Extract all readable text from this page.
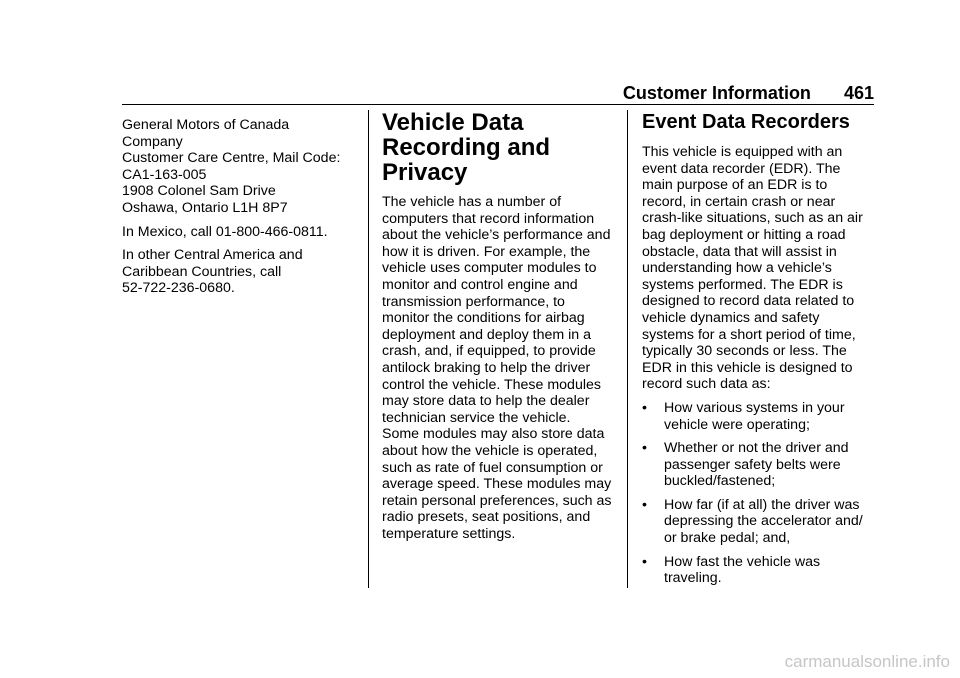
Customer Information 461

General Motors of Canada
Company
Customer Care Centre, Mail Code:
CA1-163-005
1908 Colonel Sam Drive
Oshawa, Ontario L1H 8P7

In Mexico, call 01-800-466-0811.

In other Central America and
Caribbean Countries, call
52-722-236-0680.

Vehicle Data
Recording and
Privacy
The vehicle has a number of
computers that record information
about the vehicle’s performance and
how it is driven. For example, the
vehicle uses computer modules to
monitor and control engine and
transmission performance, to
monitor the conditions for airbag
deployment and deploy them in a
crash, and, if equipped, to provide
antilock braking to help the driver
control the vehicle. These modules
may store data to help the dealer
technician service the vehicle.
Some modules may also store data
about how the vehicle is operated,
such as rate of fuel consumption or
average speed. These modules may
retain personal preferences, such as
radio presets, seat positions, and
temperature settings.
Event Data Recorders

This vehicle is equipped with an
event data recorder (EDR). The
main purpose of an EDR is to
record, in certain crash or near
crash-like situations, such as an air
bag deployment or hitting a road
obstacle, data that will assist in
understanding how a vehicle’s
systems performed. The EDR is
designed to record data related to
vehicle dynamics and safety
systems for a short period of time,
typically 30 seconds or less. The
EDR in this vehicle is designed to
record such data as:

• How various systems in your
vehicle were operating;
• Whether or not the driver and
passenger safety belts were
buckled/fastened;
• How far (if at all) the driver was
depressing the accelerator and/
or brake pedal; and,
• How fast the vehicle was
traveling.
carmanualsonline.info
